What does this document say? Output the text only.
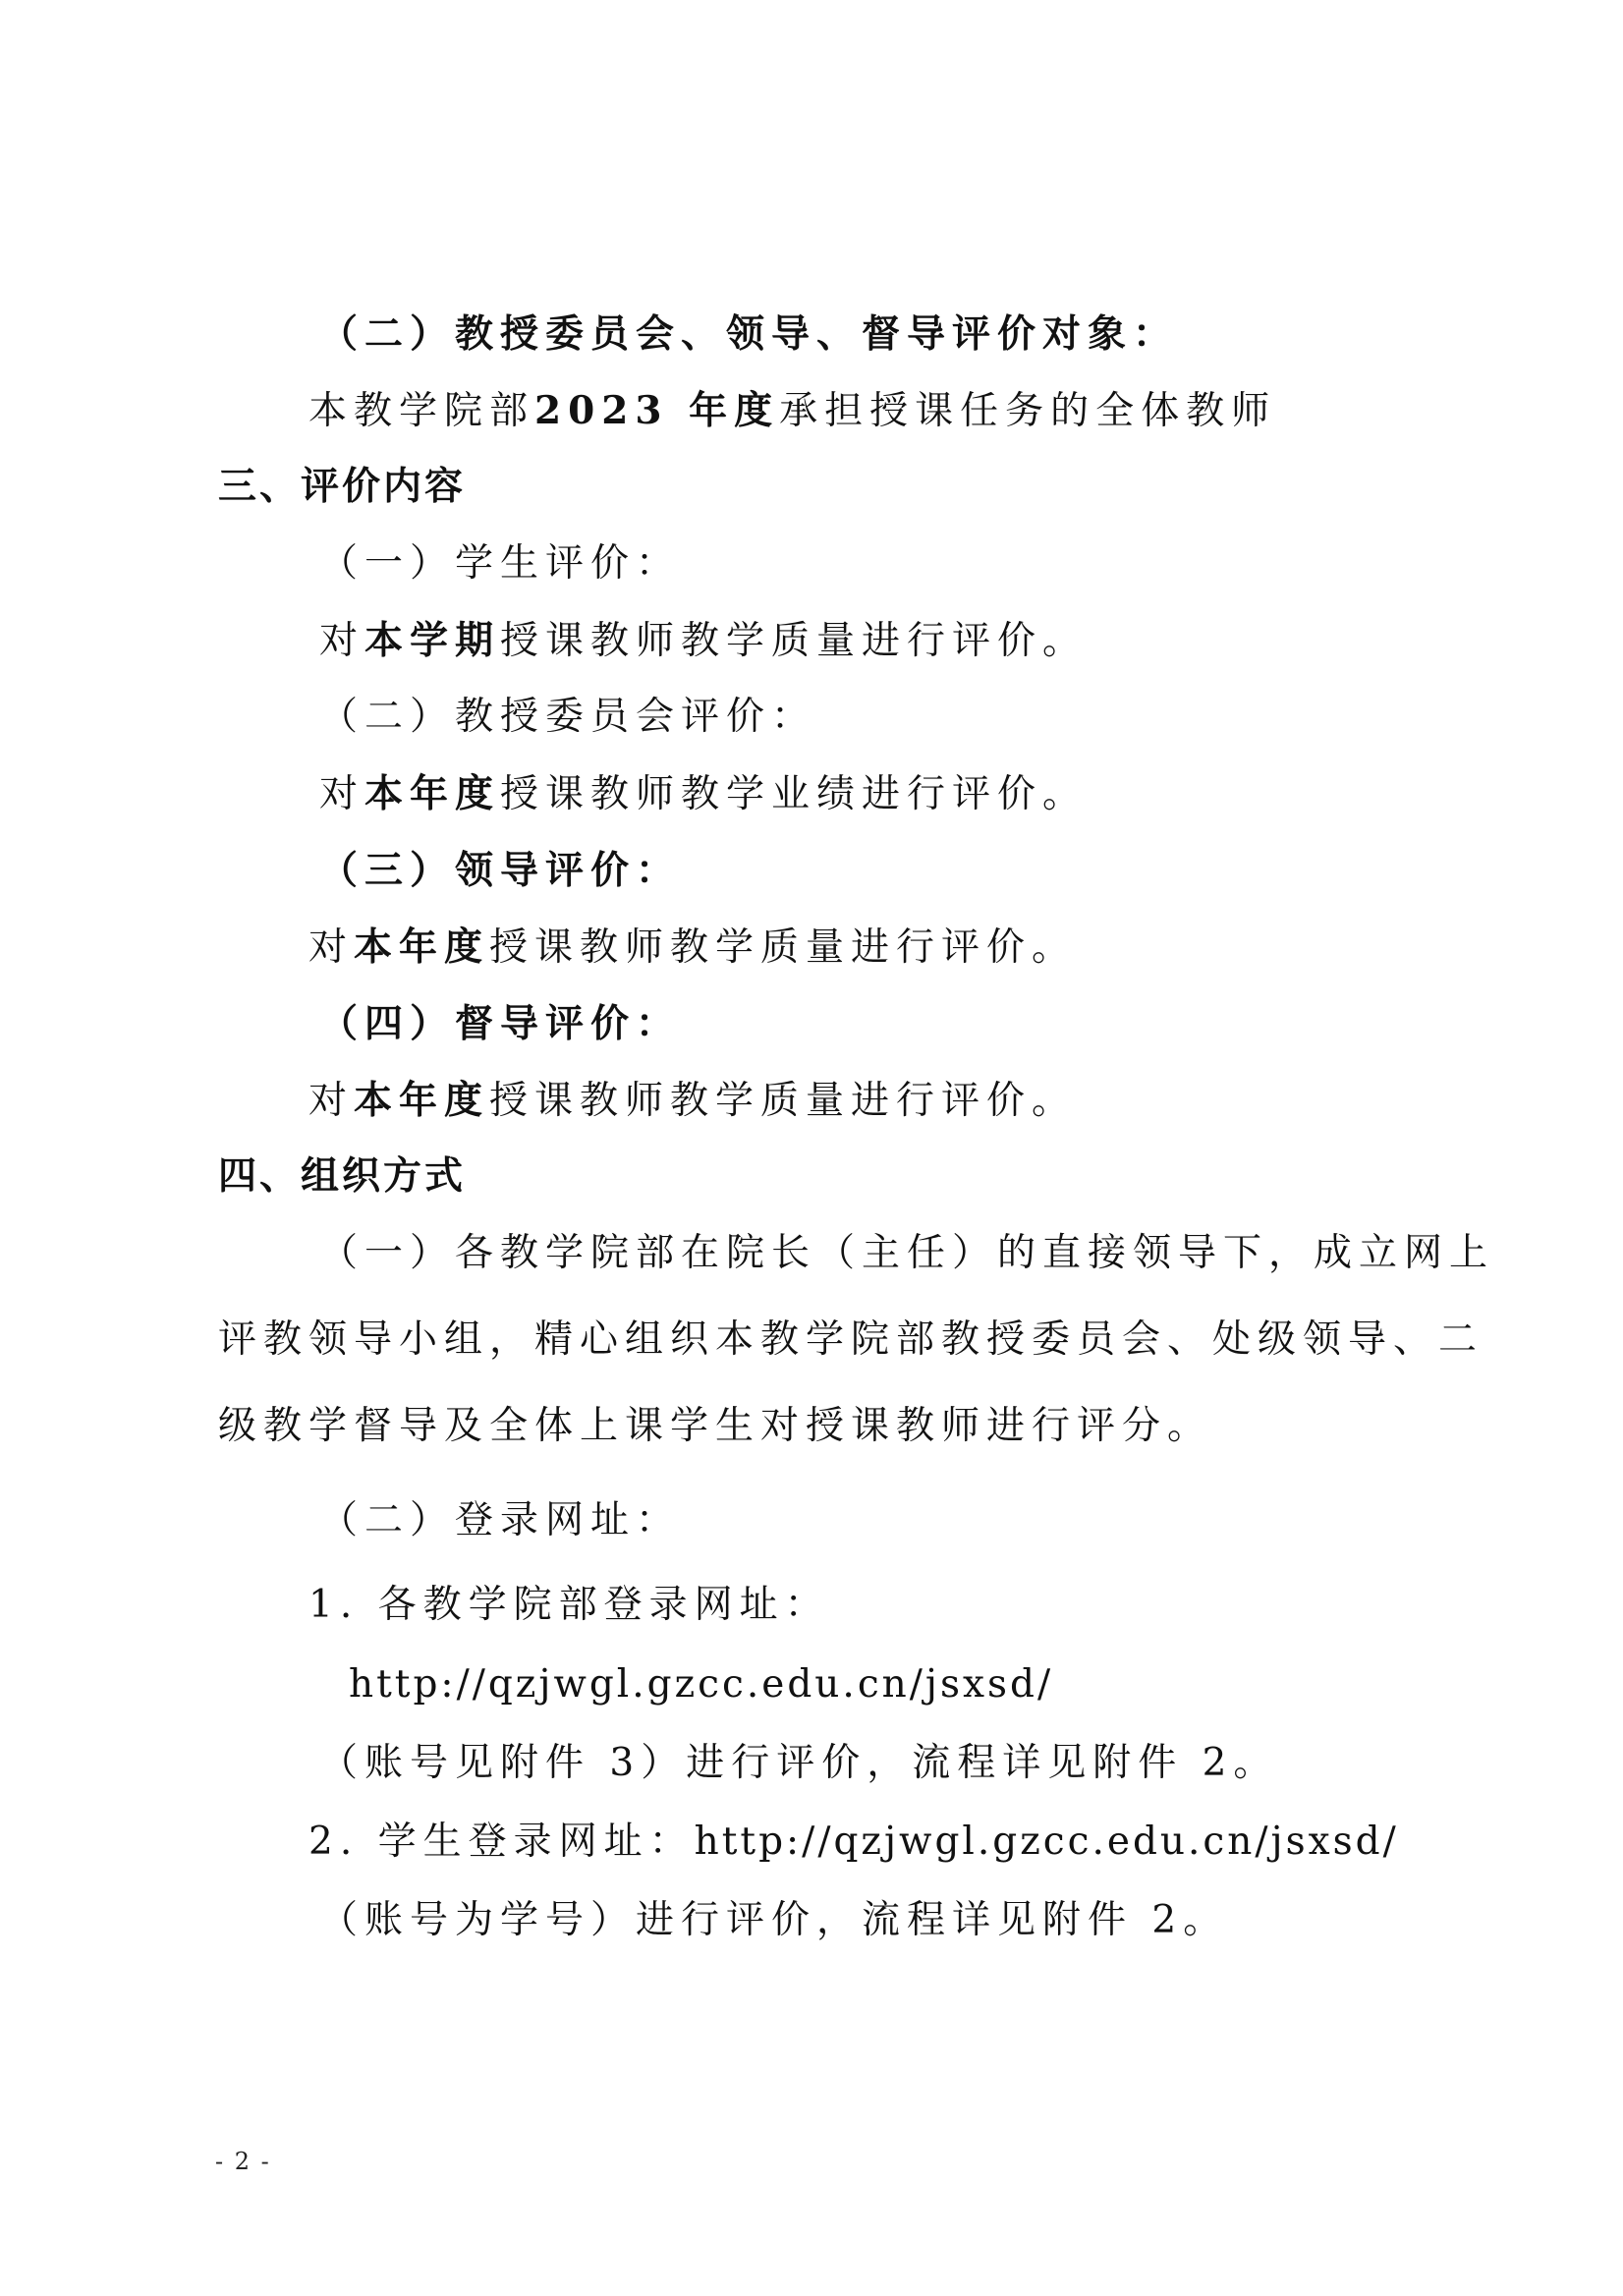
（二）教授委员会、领导、督导评价对象：
本教学院部2023 年度承担授课任务的全体教师
三、评价内容
（一）学生评价：
对本学期授课教师教学质量进行评价。
（二）教授委员会评价：
对本年度授课教师教学业绩进行评价。
（三）领导评价：
对本年度授课教师教学质量进行评价。
（四）督导评价：
对本年度授课教师教学质量进行评价。
四、组织方式
（一）各教学院部在院长（主任）的直接领导下，成立网上
评教领导小组，精心组织本教学院部教授委员会、处级领导、二
级教学督导及全体上课学生对授课教师进行评分。
（二）登录网址：
1. 各教学院部登录网址：
http://qzjwgl.gzcc.edu.cn/jsxsd/
（账号见附件 3）进行评价，流程详见附件 2。
2. 学生登录网址：http://qzjwgl.gzcc.edu.cn/jsxsd/
（账号为学号）进行评价，流程详见附件 2。
- 2 -
